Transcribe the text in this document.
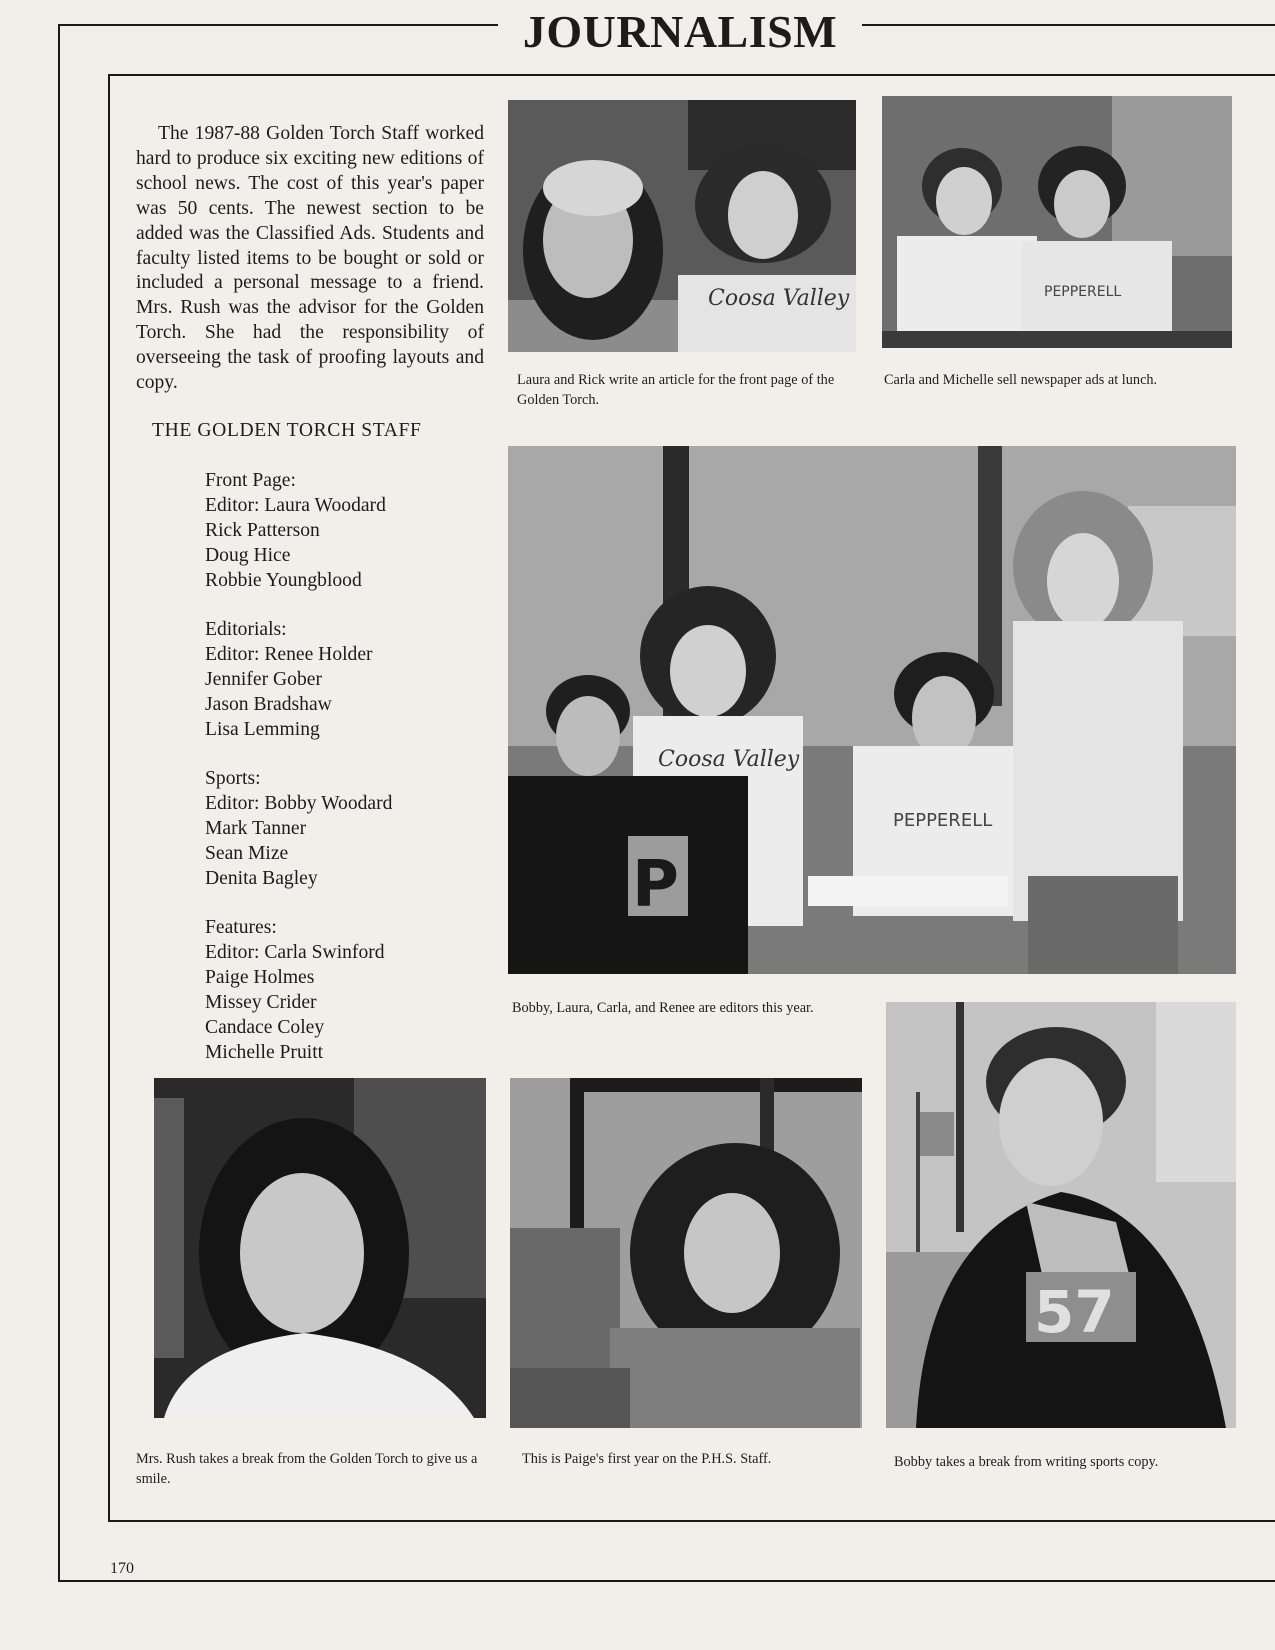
JOURNALISM

The 1987-88 Golden Torch Staff worked hard to produce six exciting new editions of school news. The cost of this year's paper was 50 cents. The newest section to be added was the Classified Ads. Students and faculty listed items to be bought or sold or included a personal message to a friend. Mrs. Rush was the advisor for the Golden Torch. She had the responsibility of overseeing the task of proofing layouts and copy.

THE GOLDEN TORCH STAFF
Front Page:
Editor: Laura Woodard
Rick Patterson
Doug Hice
Robbie Youngblood
Editorials:
Editor: Renee Holder
Jennifer Gober
Jason Bradshaw
Lisa Lemming
Sports:
Editor: Bobby Woodard
Mark Tanner
Sean Mize
Denita Bagley
Features:
Editor: Carla Swinford
Paige Holmes
Missey Crider
Candace Coley
Michelle Pruitt
Coosa Valley
Laura and Rick write an article for the front page of the Golden Torch.
PEPPERELL
Carla and Michelle sell newspaper ads at lunch.
Coosa Valley
P
PEPPERELL
Bobby, Laura, Carla, and Renee are editors this year.
Mrs. Rush takes a break from the Golden Torch to give us a smile.
This is Paige's first year on the P.H.S. Staff.
57
Bobby takes a break from writing sports copy.
170
